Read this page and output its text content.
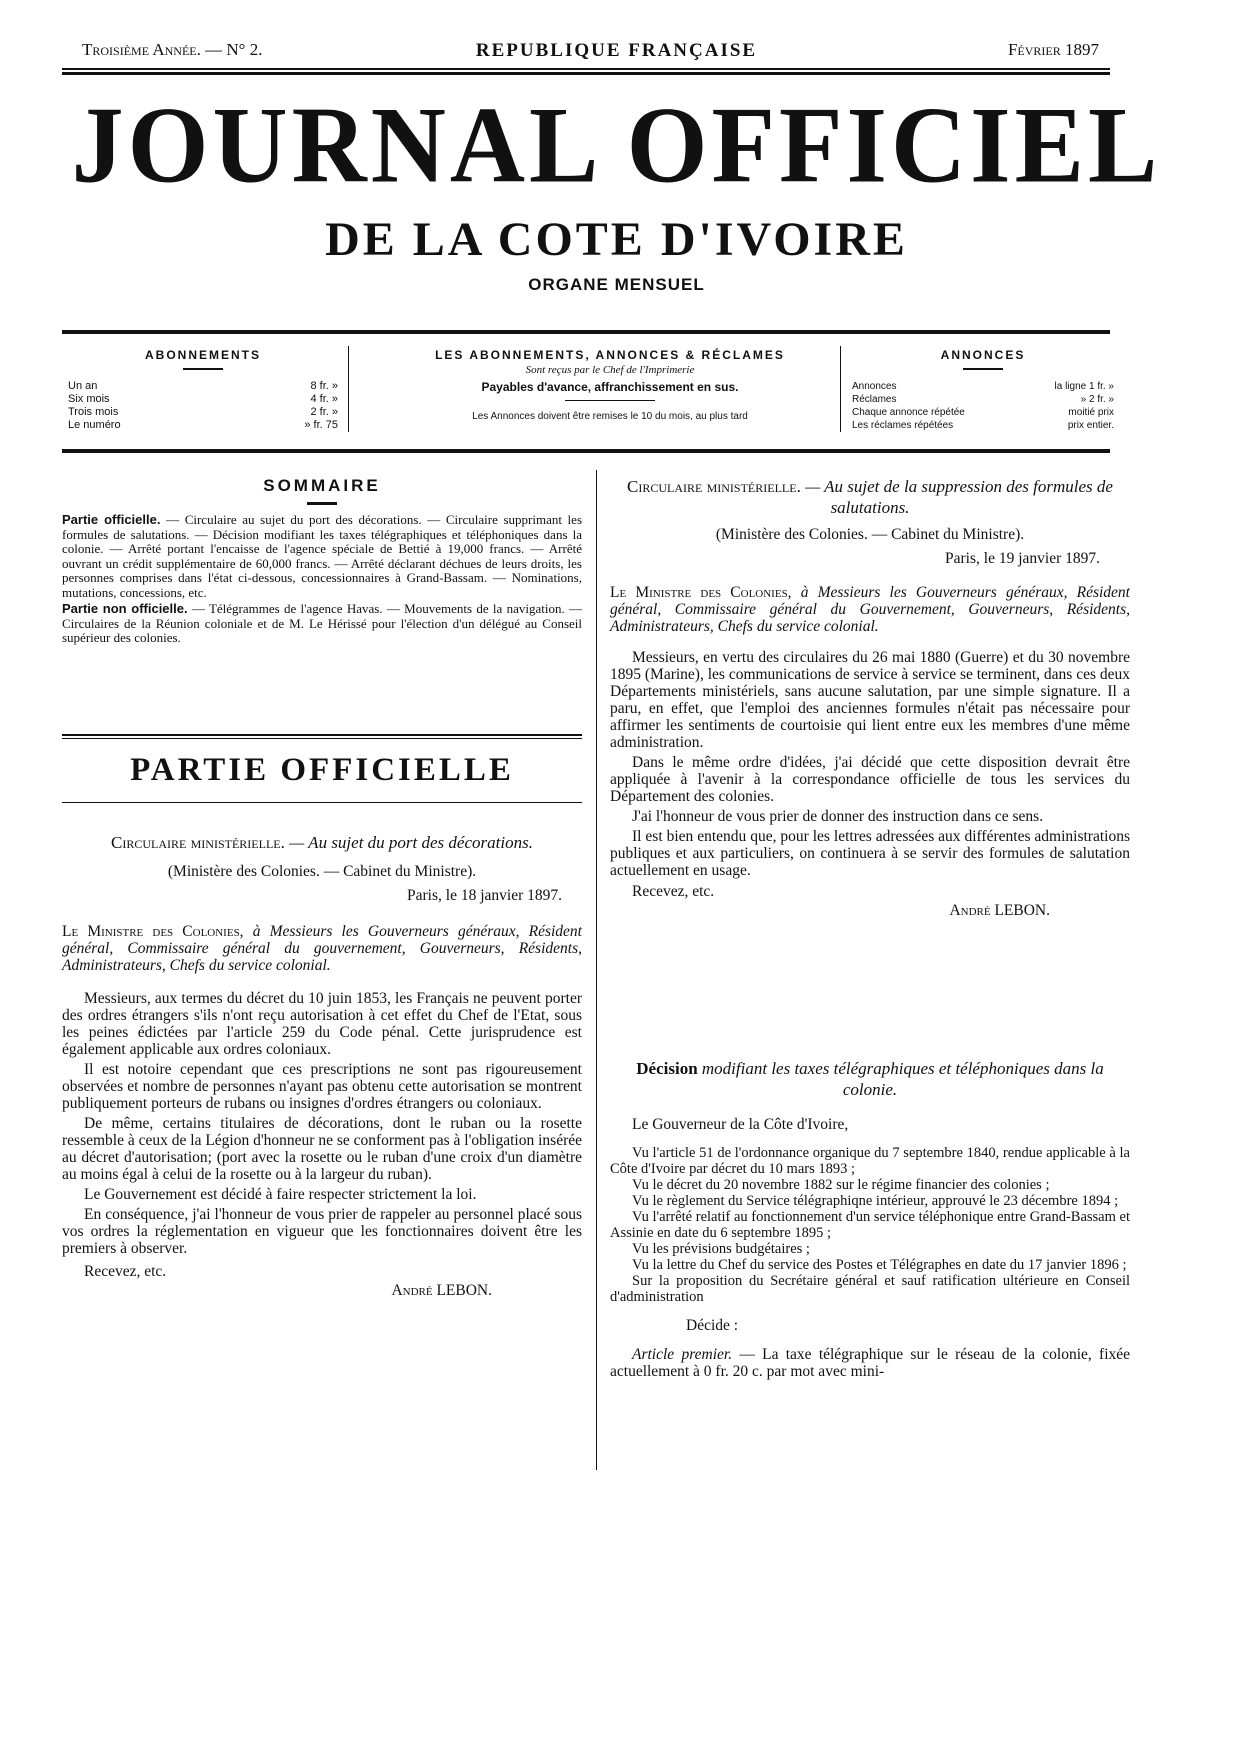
Troisième Année. — N° 2.	REPUBLIQUE FRANÇAISE	Février 1897
JOURNAL OFFICIEL
DE LA COTE D'IVOIRE
ORGANE MENSUEL
ABONNEMENTS
Un an	8 fr. »
Six mois	4 fr. »
Trois mois	2 fr. »
Le numéro	» fr. 75
LES ABONNEMENTS, ANNONCES & RÉCLAMES
Sont reçus par le Chef de l'Imprimerie
Payables d'avance, affranchissement en sus.
Les Annonces doivent être remises le 10 du mois, au plus tard
ANNONCES
Annonces	la ligne 1 fr. »
Réclames	» 2 fr. »
Chaque annonce répétée	moitié prix
Les réclames répétées	prix entier.
SOMMAIRE

Partie officielle. — Circulaire au sujet du port des décorations. — Circulaire supprimant les formules de salutations. — Décision modifiant les taxes télégraphiques et téléphoniques dans la colonie. — Arrêté portant l'encaisse de l'agence spéciale de Bettié à 19,000 francs. — Arrêté ouvrant un crédit supplémentaire de 60,000 francs. — Arrêté déclarant déchues de leurs droits, les personnes comprises dans l'état ci-dessous, concessionnaires à Grand-Bassam. — Nominations, mutations, concessions, etc.

Partie non officielle. — Télégrammes de l'agence Havas. — Mouvements de la navigation. — Circulaires de la Réunion coloniale et de M. Le Hérissé pour l'élection d'un délégué au Conseil supérieur des colonies.

PARTIE OFFICIELLE
Circulaire ministérielle. — Au sujet du port des décorations.
(Ministère des Colonies. — Cabinet du Ministre).
Paris, le 18 janvier 1897.

Le Ministre des Colonies, à Messieurs les Gouverneurs généraux, Résident général, Commissaire général du gouvernement, Gouverneurs, Résidents, Administrateurs, Chefs du service colonial.

Messieurs, aux termes du décret du 10 juin 1853, les Français ne peuvent porter des ordres étrangers s'ils n'ont reçu autorisation à cet effet du Chef de l'Etat, sous les peines édictées par l'article 259 du Code pénal. Cette jurisprudence est également applicable aux ordres coloniaux.

Il est notoire cependant que ces prescriptions ne sont pas rigoureusement observées et nombre de personnes n'ayant pas obtenu cette autorisation se montrent publiquement porteurs de rubans ou insignes d'ordres étrangers ou coloniaux.

De même, certains titulaires de décorations, dont le ruban ou la rosette ressemble à ceux de la Légion d'honneur ne se conforment pas à l'obligation insérée au décret d'autorisation; (port avec la rosette ou le ruban d'une croix d'un diamètre au moins égal à celui de la rosette ou à la largeur du ruban).

Le Gouvernement est décidé à faire respecter strictement la loi.

En conséquence, j'ai l'honneur de vous prier de rappeler au personnel placé sous vos ordres la réglementation en vigueur que les fonctionnaires doivent être les premiers à observer.

Recevez, etc.

André LEBON.
Circulaire ministérielle. — Au sujet de la suppression des formules de salutations.
(Ministère des Colonies. — Cabinet du Ministre).
Paris, le 19 janvier 1897.

Le Ministre des Colonies, à Messieurs les Gouverneurs généraux, Résident général, Commissaire général du Gouvernement, Gouverneurs, Résidents, Administrateurs, Chefs du service colonial.

Messieurs, en vertu des circulaires du 26 mai 1880 (Guerre) et du 30 novembre 1895 (Marine), les communications de service à service se terminent, dans ces deux Départements ministériels, sans aucune salutation, par une simple signature. Il a paru, en effet, que l'emploi des anciennes formules n'était pas nécessaire pour affirmer les sentiments de courtoisie qui lient entre eux les membres d'une même administration.

Dans le même ordre d'idées, j'ai décidé que cette disposition devrait être appliquée à l'avenir à la correspondance officielle de tous les services du Département des colonies.

J'ai l'honneur de vous prier de donner des instruction dans ce sens.

Il est bien entendu que, pour les lettres adressées aux différentes administrations publiques et aux particuliers, on continuera à se servir des formules de salutation actuellement en usage.

Recevez, etc.

André LEBON.
Décision modifiant les taxes télégraphiques et téléphoniques dans la colonie.

Le Gouverneur de la Côte d'Ivoire,

Vu l'article 51 de l'ordonnance organique du 7 septembre 1840, rendue applicable à la Côte d'Ivoire par décret du 10 mars 1893 ;

Vu le décret du 20 novembre 1882 sur le régime financier des colonies ;

Vu le règlement du Service télégraphiqne intérieur, approuvé le 23 décembre 1894 ;

Vu l'arrêté relatif au fonctionnement d'un service téléphonique entre Grand-Bassam et Assinie en date du 6 septembre 1895 ;

Vu les prévisions budgétaires ;

Vu la lettre du Chef du service des Postes et Télégraphes en date du 17 janvier 1896 ;

Sur la proposition du Secrétaire général et sauf ratification ultérieure en Conseil d'administration

Décide :

Article premier. — La taxe télégraphique sur le réseau de la colonie, fixée actuellement à 0 fr. 20 c. par mot avec mini-
